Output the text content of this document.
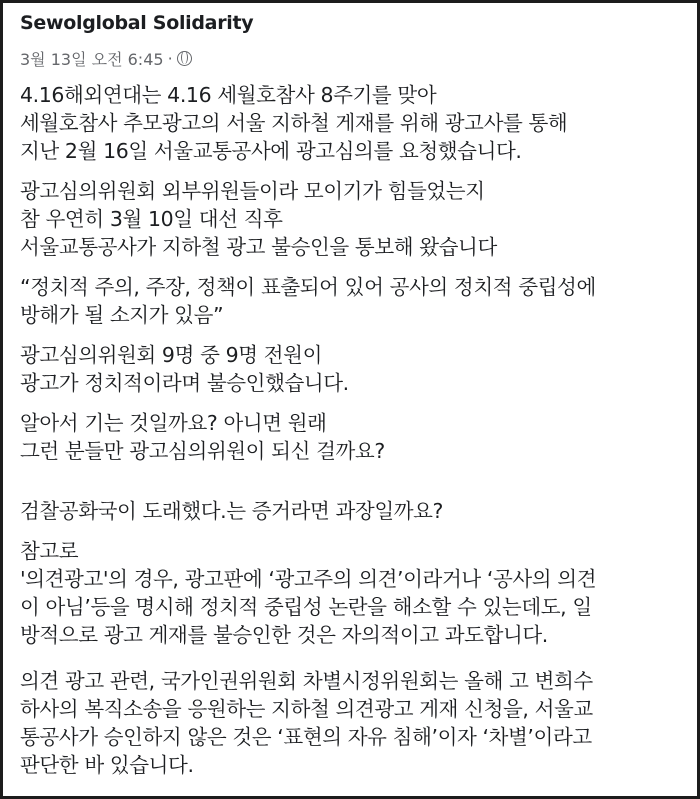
Sewolglobal Solidarity
3월 13일 오전 6:45 ·
4.16해외연대는 4.16 세월호참사 8주기를 맞아
세월호참사 추모광고의 서울 지하철 게재를 위해 광고사를 통해
지난 2월 16일 서울교통공사에 광고심의를 요청했습니다.
광고심의위원회 외부위원들이라 모이기가 힘들었는지
참 우연히 3월 10일 대선 직후
서울교통공사가 지하철 광고 불승인을 통보해 왔습니다
“정치적 주의, 주장, 정책이 표출되어 있어 공사의 정치적 중립성에
방해가 될 소지가 있음”
광고심의위원회 9명 중 9명 전원이
광고가 정치적이라며 불승인했습니다.
알아서 기는 것일까요? 아니면 원래
그런 분들만 광고심의위원이 되신 걸까요?
검찰공화국이 도래했다.는 증거라면 과장일까요?
참고로
'의견광고'의 경우, 광고판에 ‘광고주의 의견’이라거나 ‘공사의 의견
이 아님’등을 명시해 정치적 중립성 논란을 해소할 수 있는데도, 일
방적으로 광고 게재를 불승인한 것은 자의적이고 과도합니다.
의견 광고 관련, 국가인권위원회 차별시정위원회는 올해 고 변희수
하사의 복직소송을 응원하는 지하철 의견광고 게재 신청을, 서울교
통공사가 승인하지 않은 것은 ‘표현의 자유 침해’이자 ‘차별’이라고
판단한 바 있습니다.
